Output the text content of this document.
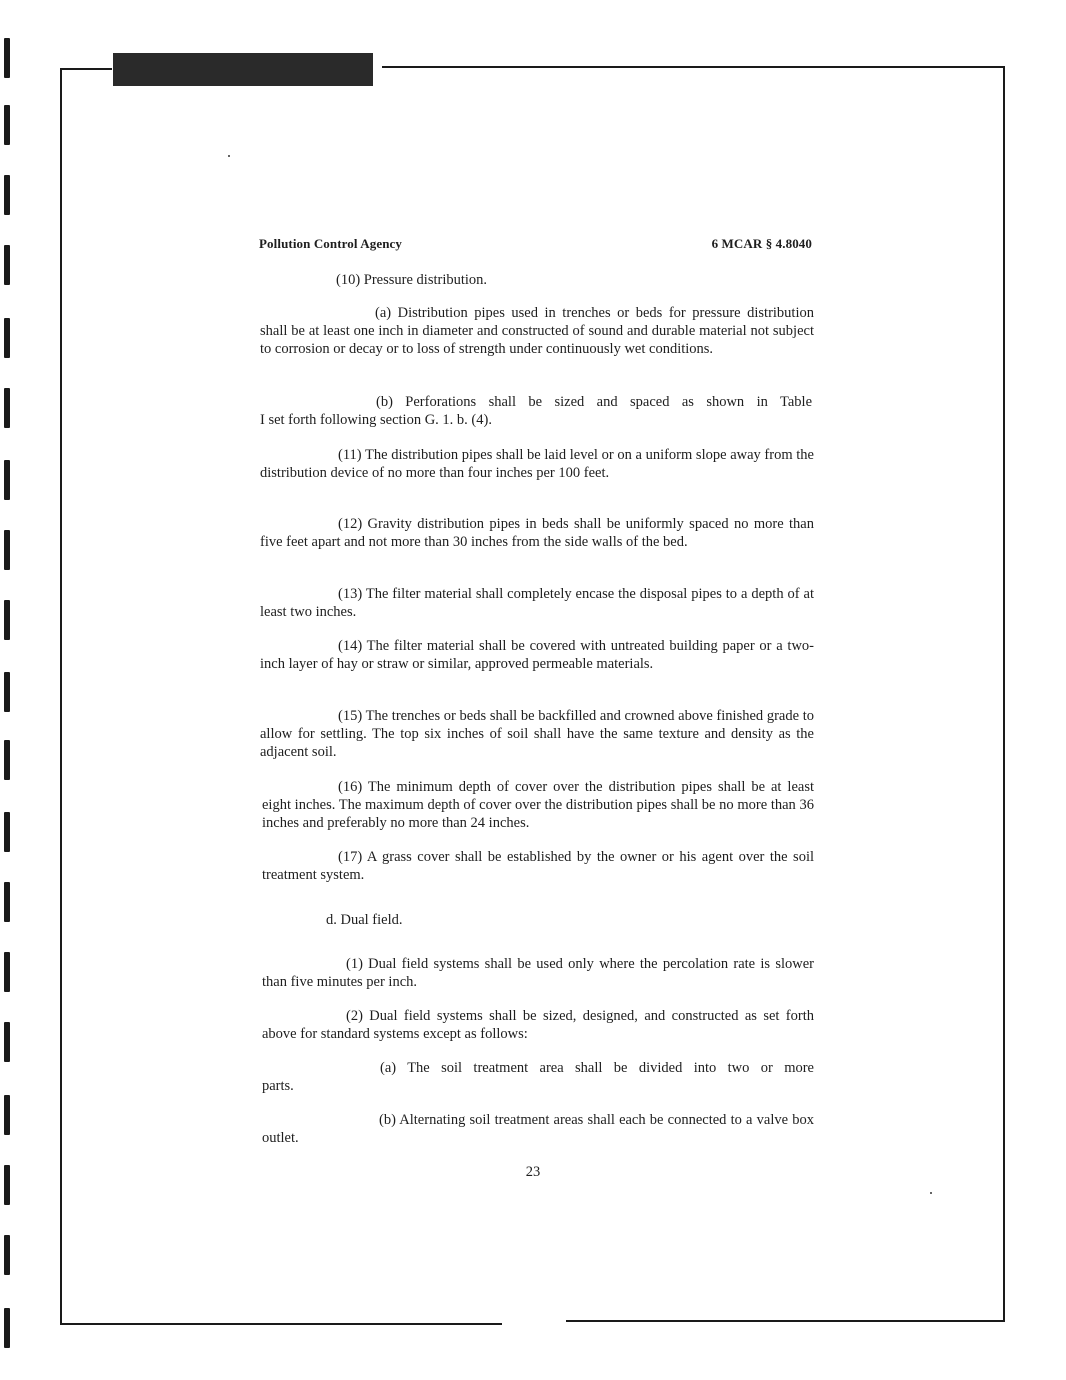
Pollution Control Agency	6 MCAR § 4.8040

(10) Pressure distribution.

(a) Distribution pipes used in trenches or beds for pressure distribution shall be at least one inch in diameter and constructed of sound and durable material not subject to corrosion or decay or to loss of strength under continuously wet conditions.

(b) Perforations shall be sized and spaced as shown in Table

I set forth following section G. 1. b. (4).

(11) The distribution pipes shall be laid level or on a uniform slope away from the distribution device of no more than four inches per 100 feet.

(12) Gravity distribution pipes in beds shall be uniformly spaced no more than five feet apart and not more than 30 inches from the side walls of the bed.

(13) The filter material shall completely encase the disposal pipes to a depth of at least two inches.

(14) The filter material shall be covered with untreated building paper or a two-inch layer of hay or straw or similar, approved permeable materials.

(15) The trenches or beds shall be backfilled and crowned above finished grade to allow for settling. The top six inches of soil shall have the same texture and density as the adjacent soil.

(16) The minimum depth of cover over the distribution pipes shall be at least eight inches. The maximum depth of cover over the distribution pipes shall be no more than 36 inches and preferably no more than 24 inches.

(17) A grass cover shall be established by the owner or his agent over the soil treatment system.

d. Dual field.

(1) Dual field systems shall be used only where the percolation rate is slower than five minutes per inch.

(2) Dual field systems shall be sized, designed, and constructed as set forth above for standard systems except as follows:

(a) The soil treatment area shall be divided into two or more

parts.

(b) Alternating soil treatment areas shall each be connected to a valve box outlet.

23
